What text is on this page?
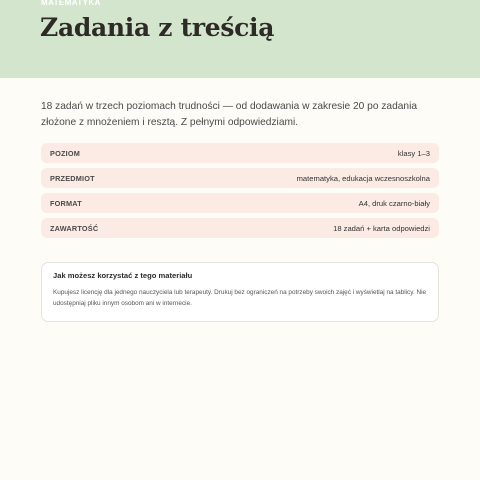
MATEMATYKA
Zadania z treścią

18 zadań w trzech poziomach trudności — od dodawania w zakresie 20 po zadania złożone z mnożeniem i resztą. Z pełnymi odpowiedziami.

POZIOM	klasy 1–3
PRZEDMIOT	matematyka, edukacja wczesnoszkolna
FORMAT	A4, druk czarno-biały
ZAWARTOŚĆ	18 zadań + karta odpowiedzi

Jak możesz korzystać z tego materiału

Kupujesz licencję dla jednego nauczyciela lub terapeuty. Drukuj bez ograniczeń na potrzeby swoich zajęć i wyświetlaj na tablicy. Nie udostępniaj pliku innym osobom ani w internecie.
